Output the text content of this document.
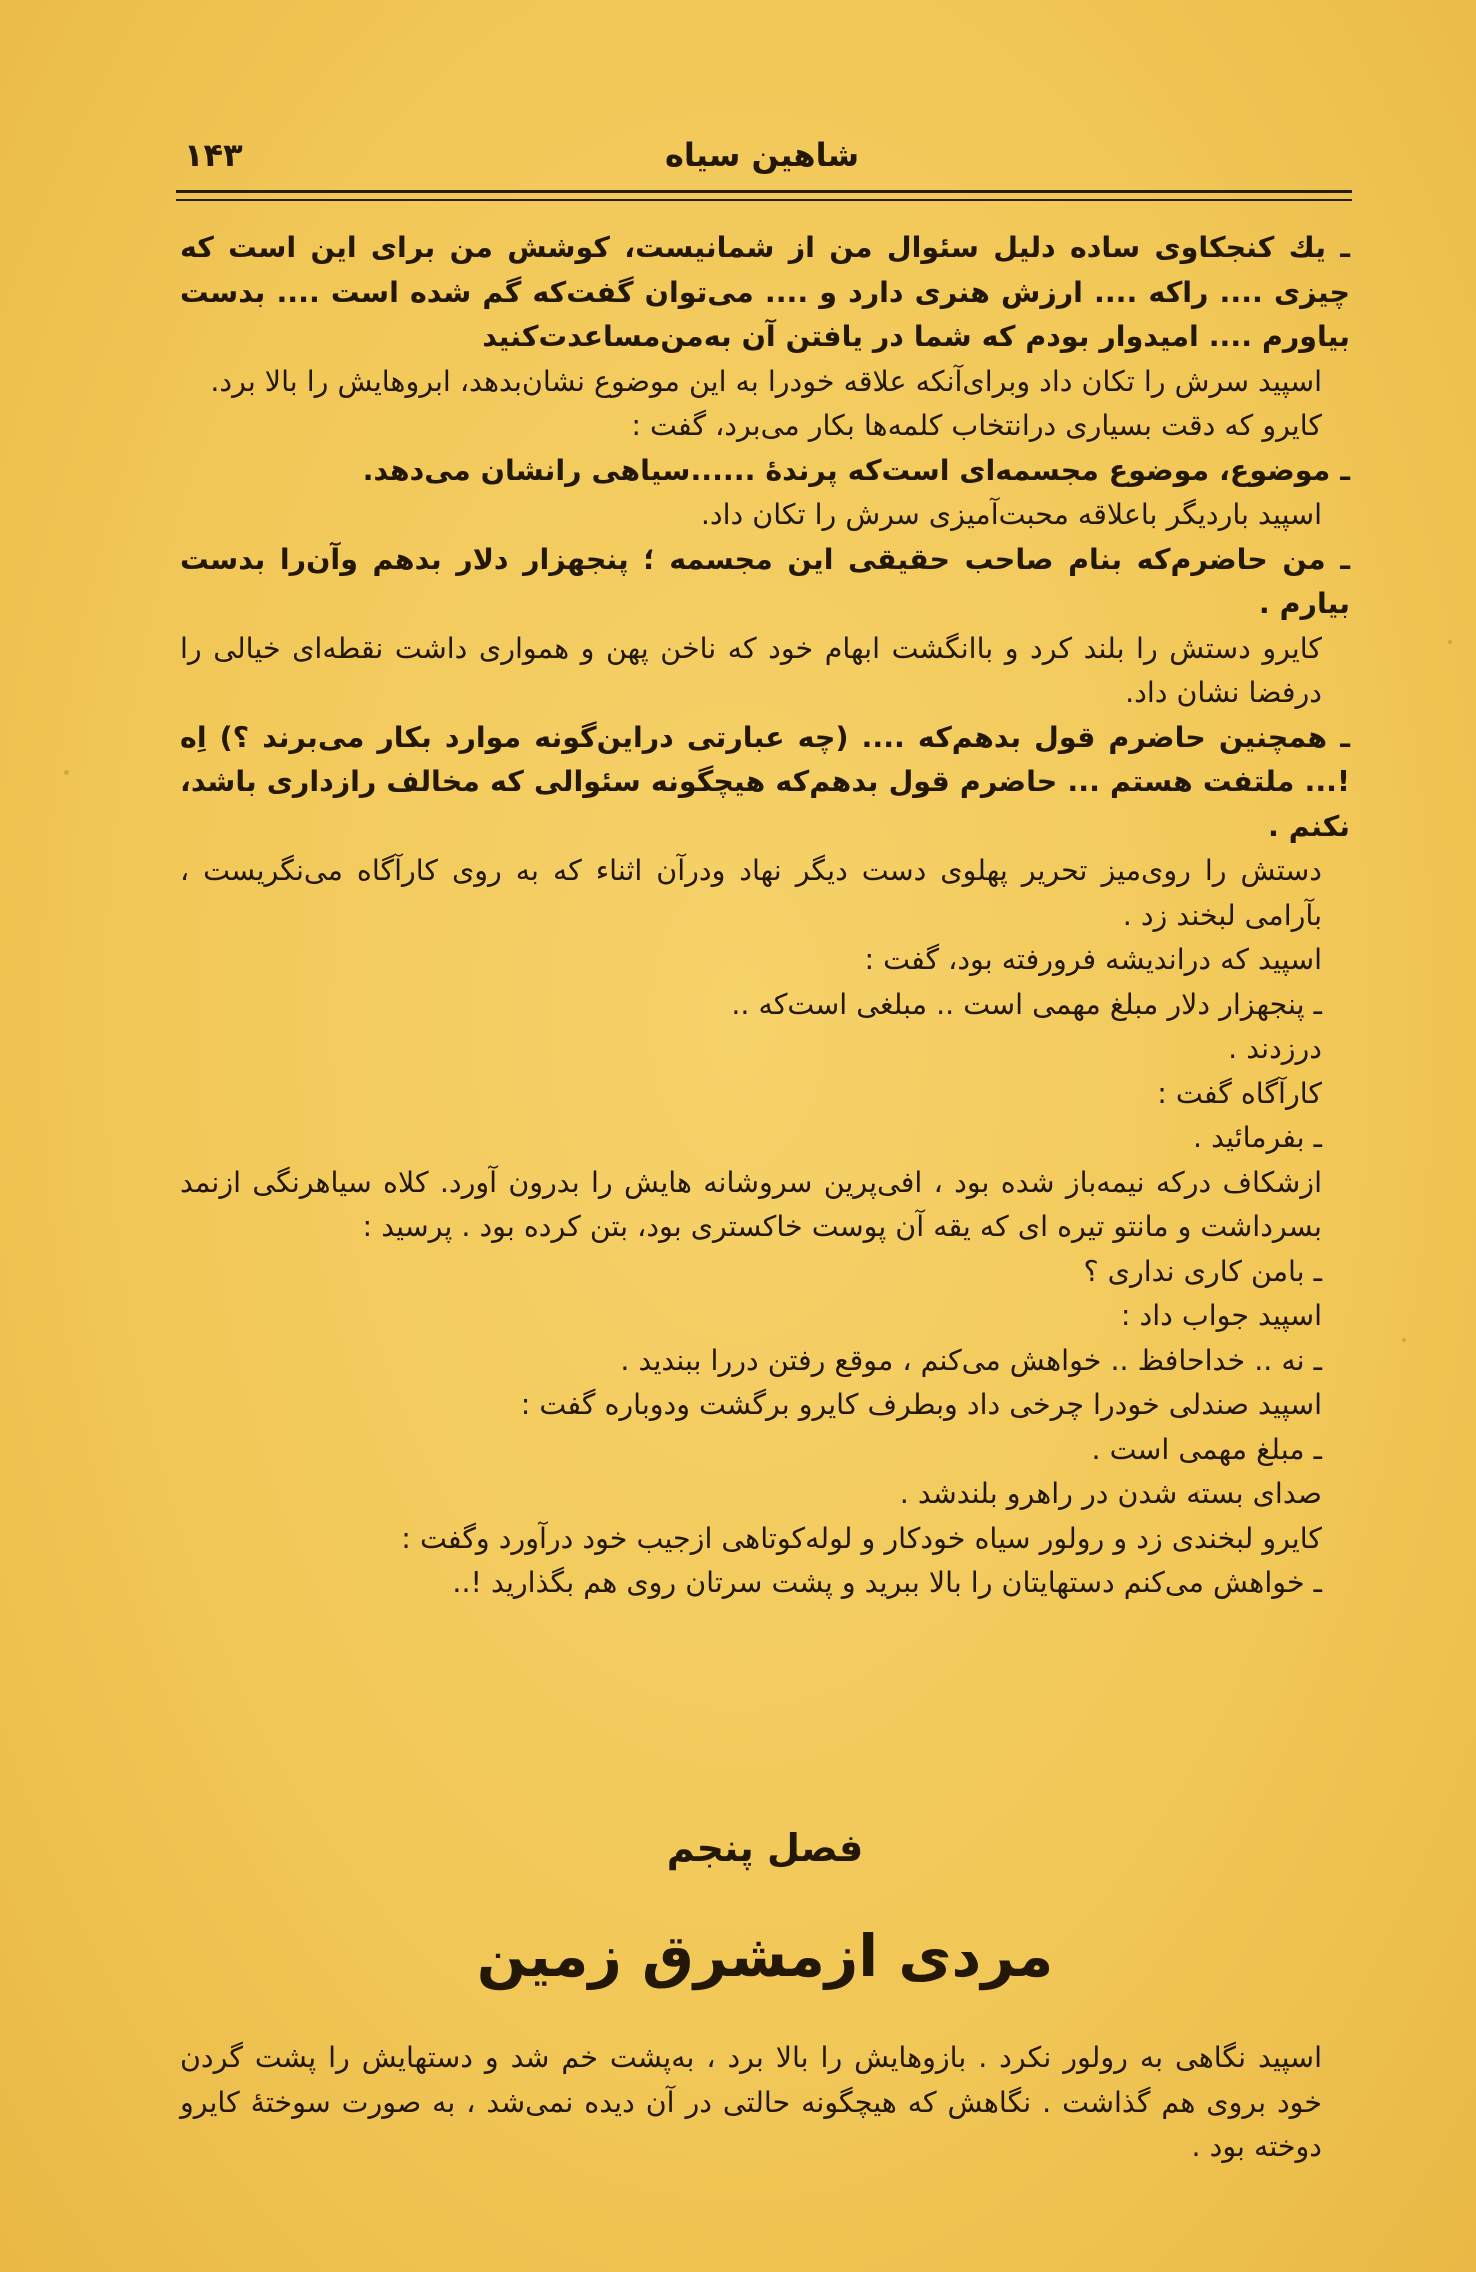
شاهین سیاه
۱۴۳

ـ یك كنجكاوی ساده دلیل سئوال من از شمانیست، كوشش من برای این است كه چیزی .... راكه .... ارزش هنری دارد و .... می‌توان گفت‌كه گم شده است .... بدست بیاورم .... امیدوار بودم كه شما در یافتن آن به‌من‌مساعدت‌كنید

اسپید سرش را تكان داد وبرای‌آنكه علاقه خودرا به این موضوع نشان‌بدهد، ابروهایش را بالا برد.

كایرو كه دقت بسیاری درانتخاب كلمه‌ها بكار می‌برد، گفت :

ـ موضوع، موضوع مجسمه‌ای است‌كه پرندهٔ ......سیاهی رانشان می‌دهد.

اسپید باردیگر باعلاقه محبت‌آمیزی سرش را تكان داد.

ـ من حاضرم‌كه بنام صاحب حقیقی این مجسمه ؛ پنجهزار دلار بدهم وآن‌را بدست بیارم .

كایرو دستش را بلند كرد و باانگشت ابهام خود كه ناخن پهن و همواری داشت نقطه‌ای خیالی را درفضا نشان داد.

ـ همچنین حاضرم قول بدهم‌كه .... (چه عبارتی دراین‌گونه موارد بكار می‌برند ؟) اِه !... ملتفت هستم ... حاضرم قول بدهم‌كه هیچگونه سئوالی كه مخالف رازداری باشد، نكنم .

دستش را روی‌میز تحریر پهلوی دست دیگر نهاد ودرآن اثناء كه به روی كارآگاه می‌نگریست ، بآرامی لبخند زد .

اسپید كه دراندیشه فرورفته بود، گفت :

ـ پنجهزار دلار مبلغ مهمی است .. مبلغی است‌كه ..

درزدند .

كارآگاه گفت :

ـ بفرمائید .

ازشكاف دركه نیمه‌باز شده بود ، افی‌پرین سروشانه هایش را بدرون آورد. كلاه سیاهرنگی ازنمد بسرداشت و مانتو تیره ای كه یقه آن پوست خاكستری بود، بتن كرده بود . پرسید :

ـ بامن كاری نداری ؟

اسپید جواب داد :

ـ نه .. خداحافظ .. خواهش می‌كنم ، موقع رفتن دررا ببندید .

اسپید صندلی خودرا چرخی داد وبطرف كایرو برگشت ودوباره گفت :

ـ مبلغ مهمی است .

صدای بسته شدن در راهرو بلندشد .

كایرو لبخندی زد و رولور سیاه خودكار و لوله‌كوتاهی ازجیب خود درآورد وگفت :

ـ خواهش می‌كنم دستهایتان را بالا ببرید و پشت سرتان روی هم بگذارید !..

فصل پنجم
مردی ازمشرق زمین

اسپید نگاهی به رولور نكرد . بازوهایش را بالا برد ، به‌پشت خم شد و دستهایش را پشت گردن خود بروی هم گذاشت . نگاهش كه هیچگونه حالتی در آن دیده نمی‌شد ، به صورت سوختهٔ كایرو دوخته بود .
